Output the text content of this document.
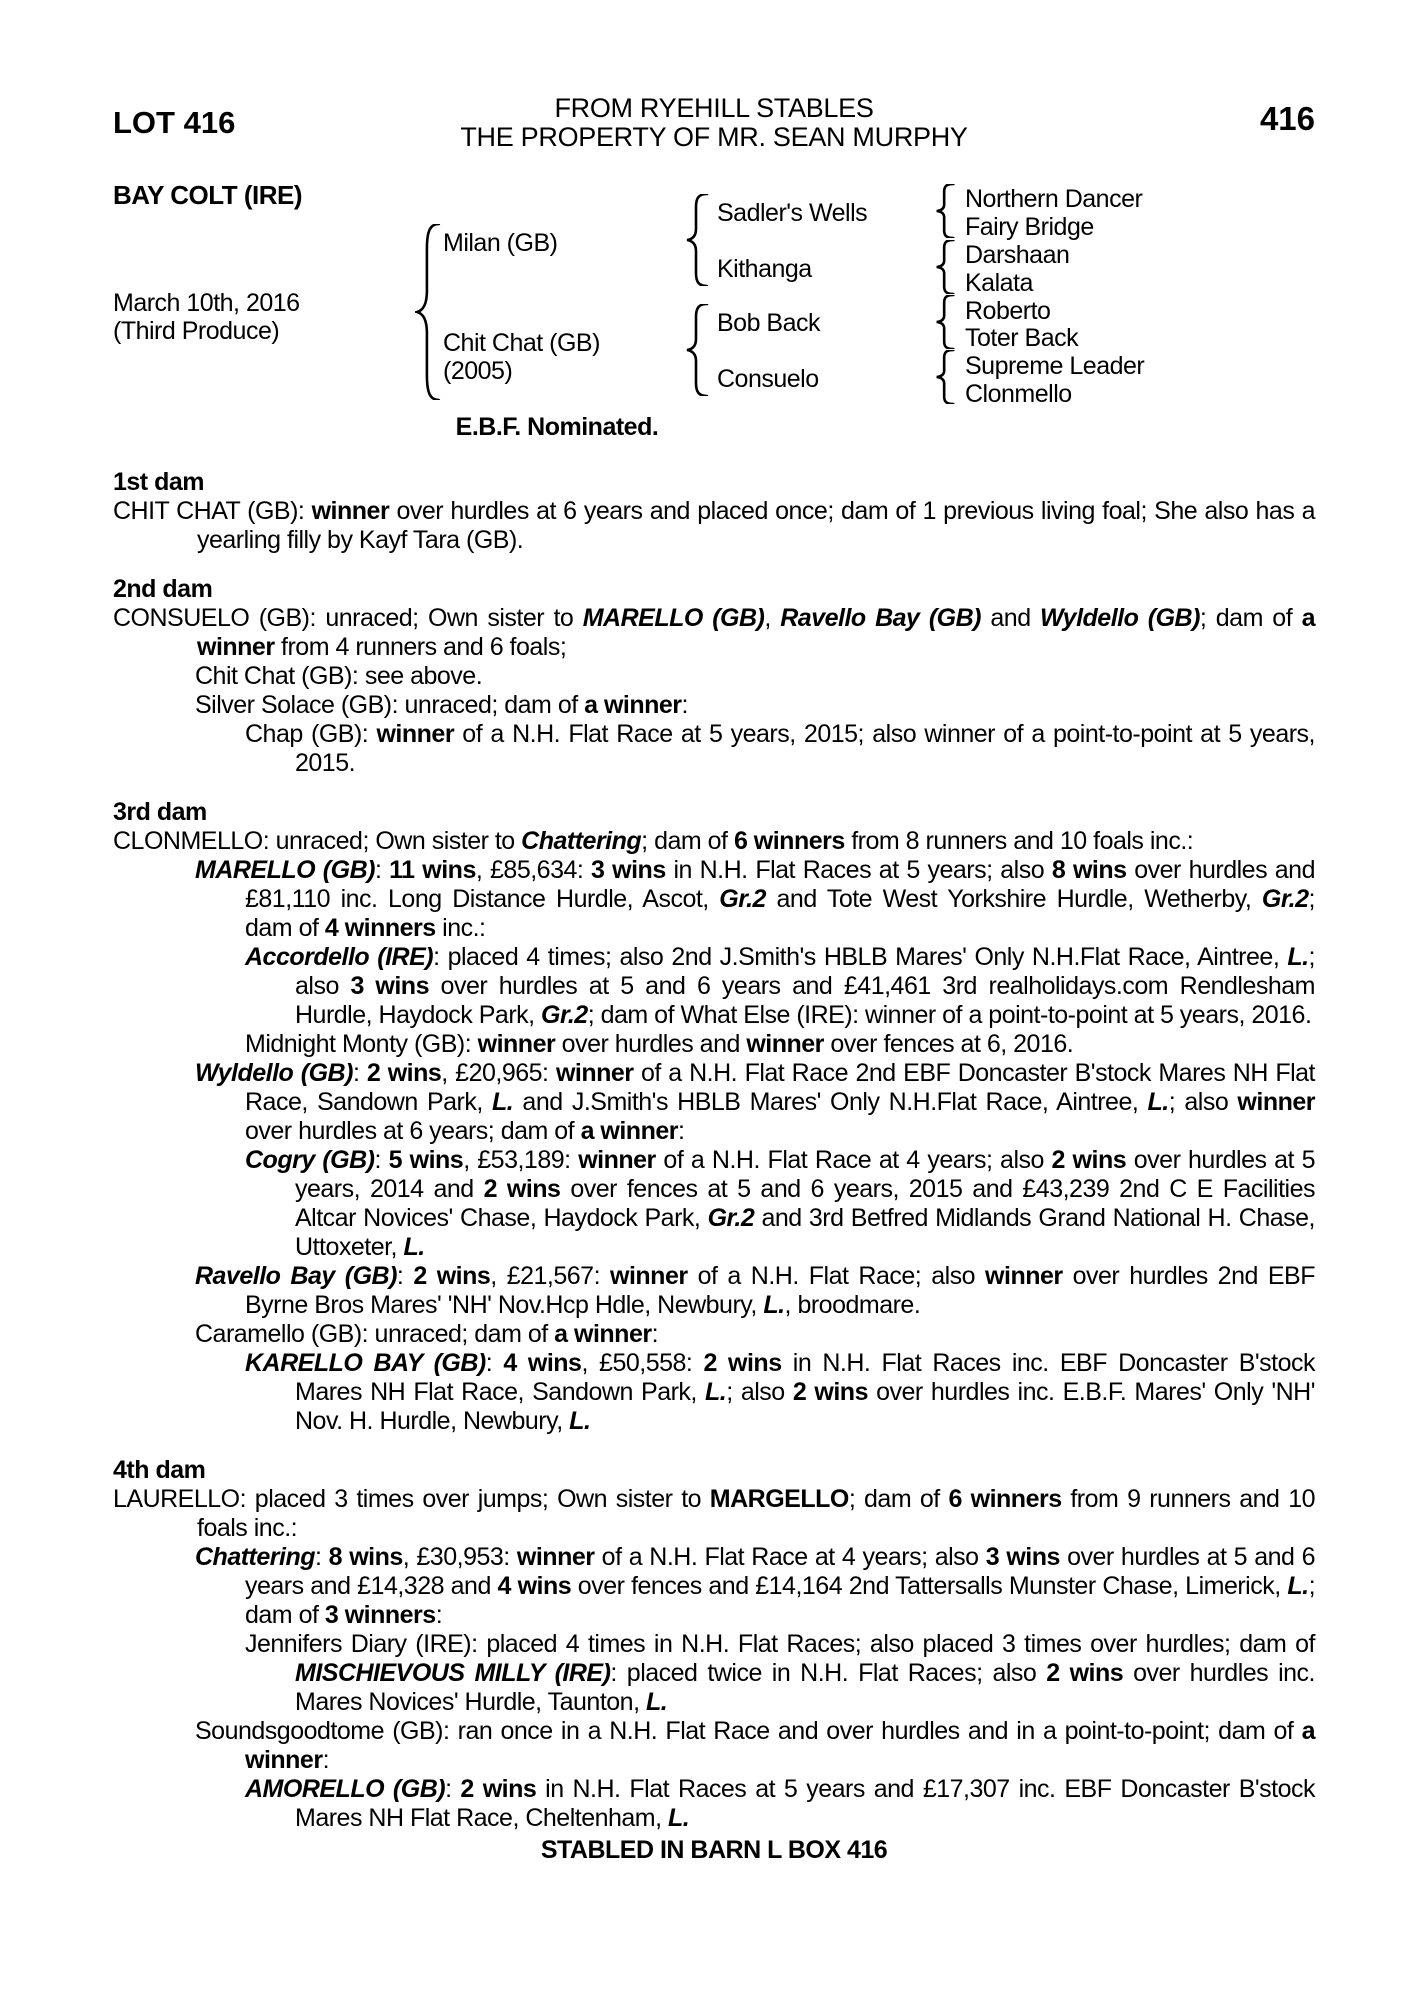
LOT 416	FROM RYEHILL STABLES
THE PROPERTY OF MR. SEAN MURPHY	416
BAY COLT (IRE)
March 10th, 2016
(Third Produce)
Milan (GB)
Chit Chat (GB)
(2005)
Sadler's Wells
Kithanga
Bob Back
Consuelo
Northern Dancer
Fairy Bridge
Darshaan
Kalata
Roberto
Toter Back
Supreme Leader
Clonmello
E.B.F. Nominated.
1st dam
CHIT CHAT (GB): winner over hurdles at 6 years and placed once; dam of 1 previous living foal; She also has a yearling filly by Kayf Tara (GB).
2nd dam
CONSUELO (GB): unraced; Own sister to MARELLO (GB), Ravello Bay (GB) and Wyldello (GB); dam of a winner from 4 runners and 6 foals;
Chit Chat (GB): see above.
Silver Solace (GB): unraced; dam of a winner:
Chap (GB): winner of a N.H. Flat Race at 5 years, 2015; also winner of a point-to-point at 5 years, 2015.
3rd dam
CLONMELLO: unraced; Own sister to Chattering; dam of 6 winners from 8 runners and 10 foals inc.:
MARELLO (GB): 11 wins, £85,634: 3 wins in N.H. Flat Races at 5 years; also 8 wins over hurdles and £81,110 inc. Long Distance Hurdle, Ascot, Gr.2 and Tote West Yorkshire Hurdle, Wetherby, Gr.2; dam of 4 winners inc.:
Accordello (IRE): placed 4 times; also 2nd J.Smith's HBLB Mares' Only N.H.Flat Race, Aintree, L.; also 3 wins over hurdles at 5 and 6 years and £41,461 3rd realholidays.com Rendlesham Hurdle, Haydock Park, Gr.2; dam of What Else (IRE): winner of a point-to-point at 5 years, 2016.
Midnight Monty (GB): winner over hurdles and winner over fences at 6, 2016.
Wyldello (GB): 2 wins, £20,965: winner of a N.H. Flat Race 2nd EBF Doncaster B'stock Mares NH Flat Race, Sandown Park, L. and J.Smith's HBLB Mares' Only N.H.Flat Race, Aintree, L.; also winner over hurdles at 6 years; dam of a winner:
Cogry (GB): 5 wins, £53,189: winner of a N.H. Flat Race at 4 years; also 2 wins over hurdles at 5 years, 2014 and 2 wins over fences at 5 and 6 years, 2015 and £43,239 2nd C E Facilities Altcar Novices' Chase, Haydock Park, Gr.2 and 3rd Betfred Midlands Grand National H. Chase, Uttoxeter, L.
Ravello Bay (GB): 2 wins, £21,567: winner of a N.H. Flat Race; also winner over hurdles 2nd EBF Byrne Bros Mares' 'NH' Nov.Hcp Hdle, Newbury, L., broodmare.
Caramello (GB): unraced; dam of a winner:
KARELLO BAY (GB): 4 wins, £50,558: 2 wins in N.H. Flat Races inc. EBF Doncaster B'stock Mares NH Flat Race, Sandown Park, L.; also 2 wins over hurdles inc. E.B.F. Mares' Only 'NH' Nov. H. Hurdle, Newbury, L.
4th dam
LAURELLO: placed 3 times over jumps; Own sister to MARGELLO; dam of 6 winners from 9 runners and 10 foals inc.:
Chattering: 8 wins, £30,953: winner of a N.H. Flat Race at 4 years; also 3 wins over hurdles at 5 and 6 years and £14,328 and 4 wins over fences and £14,164 2nd Tattersalls Munster Chase, Limerick, L.; dam of 3 winners:
Jennifers Diary (IRE): placed 4 times in N.H. Flat Races; also placed 3 times over hurdles; dam of MISCHIEVOUS MILLY (IRE): placed twice in N.H. Flat Races; also 2 wins over hurdles inc. Mares Novices' Hurdle, Taunton, L.
Soundsgoodtome (GB): ran once in a N.H. Flat Race and over hurdles and in a point-to-point; dam of a winner:
AMORELLO (GB): 2 wins in N.H. Flat Races at 5 years and £17,307 inc. EBF Doncaster B'stock Mares NH Flat Race, Cheltenham, L.
STABLED IN BARN L BOX 416
